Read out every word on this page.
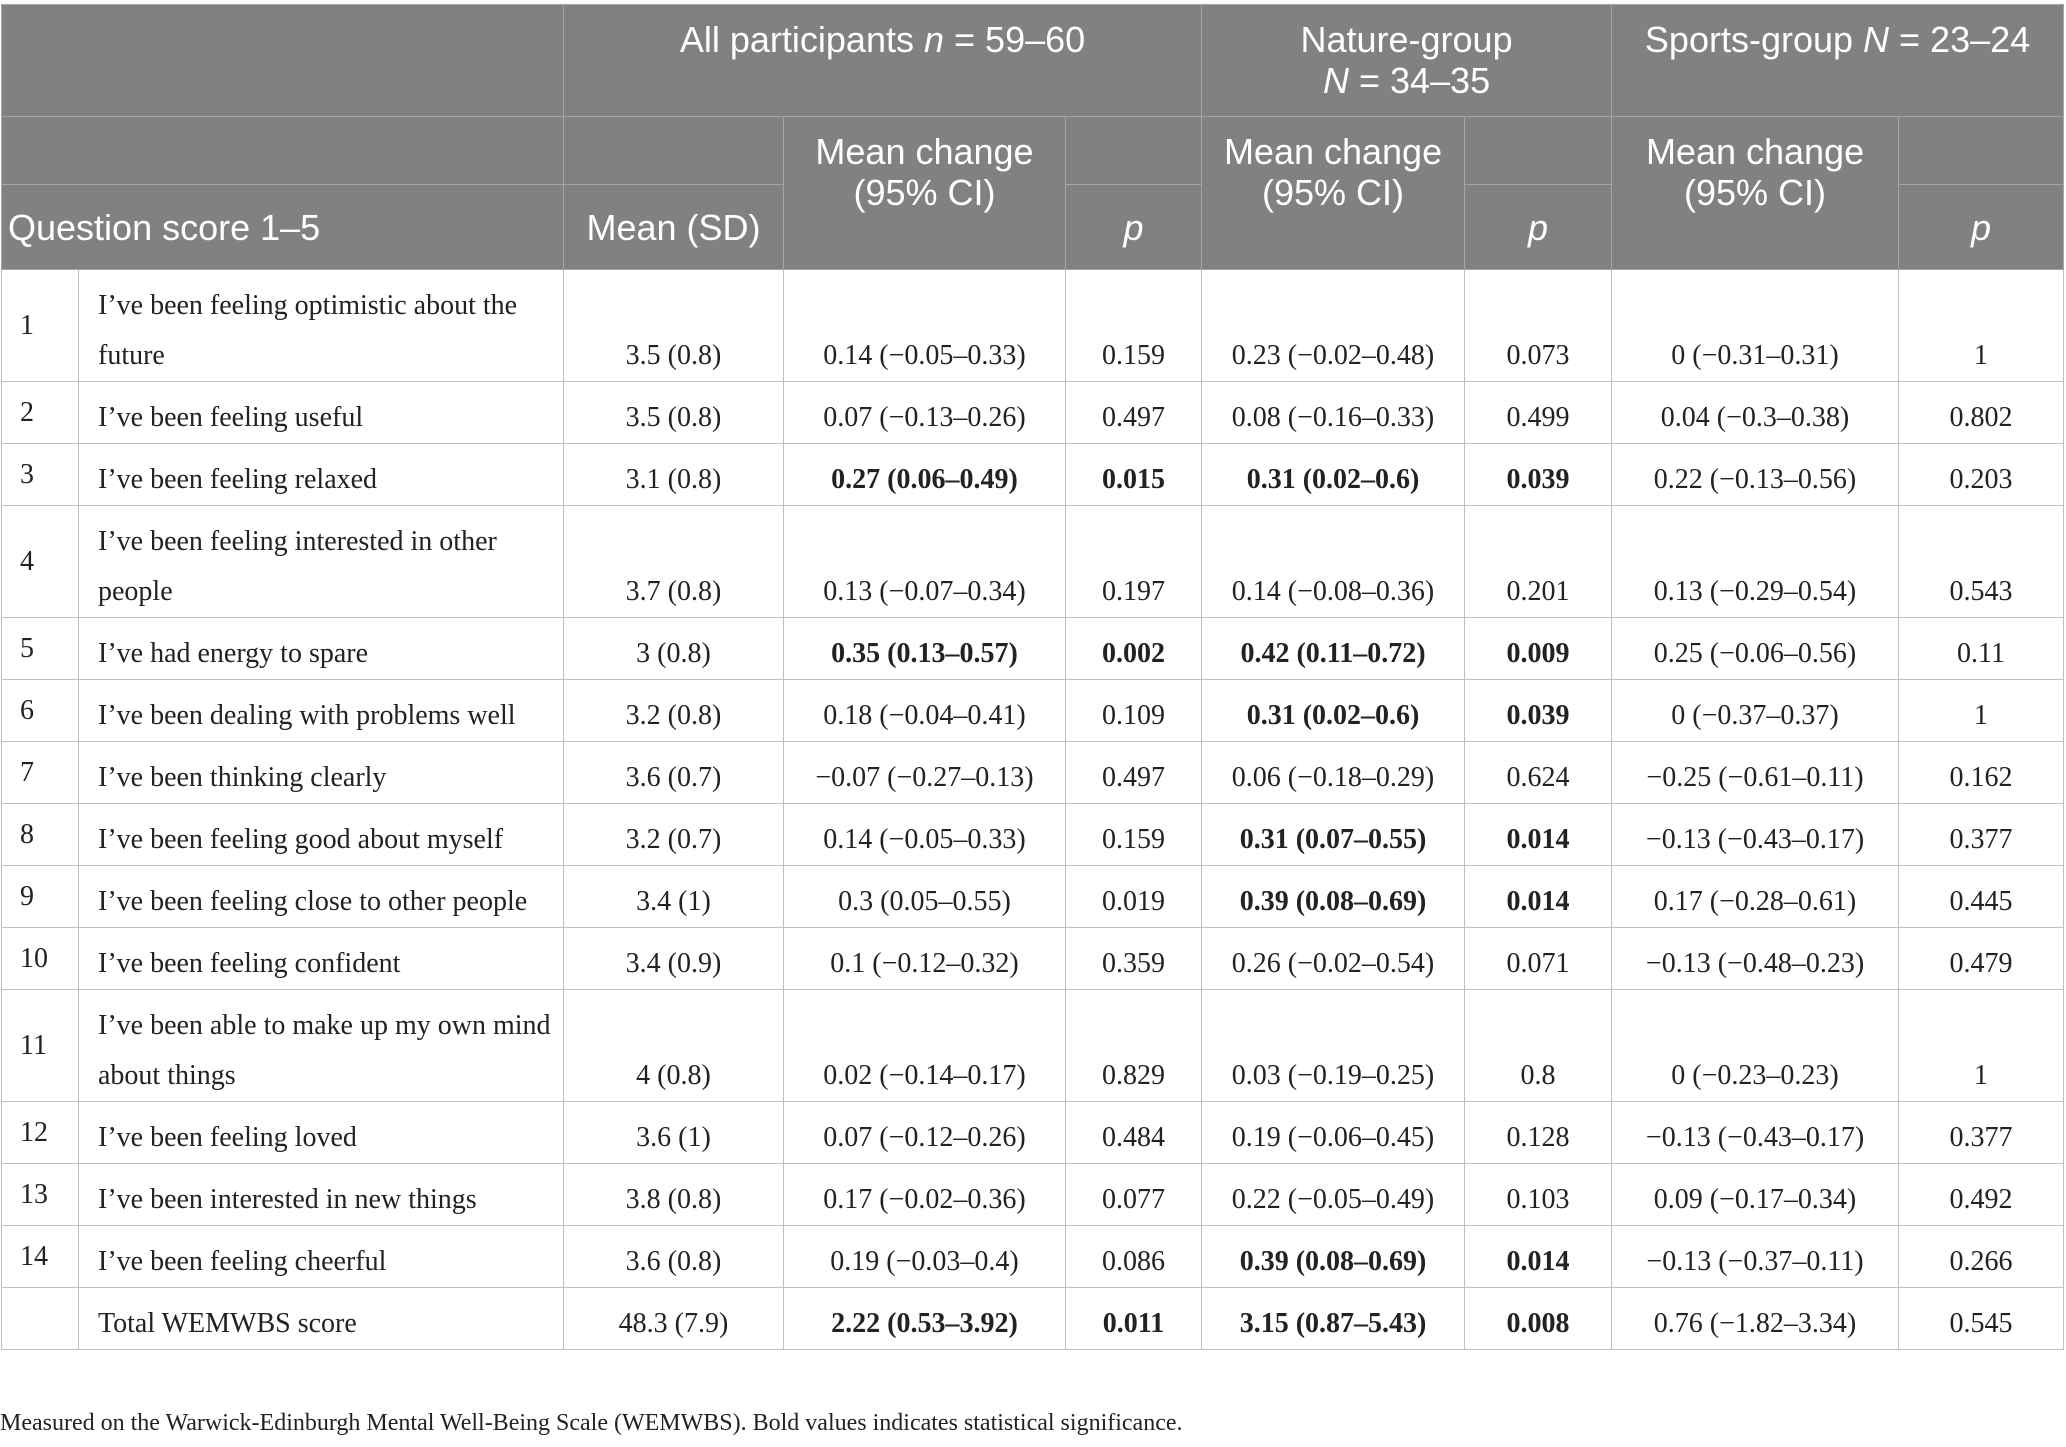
		All participants n = 59–60			Nature-group
N = 34–35		Sports-group N = 23–24	
			Mean change (95% CI)		Mean change (95% CI)		Mean change (95% CI)	
Question score 1–5		Mean (SD)		p		p		p
1	I’ve been feeling optimistic about the future	3.5 (0.8)	0.14 (−0.05–0.33)	0.159	0.23 (−0.02–0.48)	0.073	0 (−0.31–0.31)	1
2	I’ve been feeling useful	3.5 (0.8)	0.07 (−0.13–0.26)	0.497	0.08 (−0.16–0.33)	0.499	0.04 (−0.3–0.38)	0.802
3	I’ve been feeling relaxed	3.1 (0.8)	0.27 (0.06–0.49)	0.015	0.31 (0.02–0.6)	0.039	0.22 (−0.13–0.56)	0.203
4	I’ve been feeling interested in other people	3.7 (0.8)	0.13 (−0.07–0.34)	0.197	0.14 (−0.08–0.36)	0.201	0.13 (−0.29–0.54)	0.543
5	I’ve had energy to spare	3 (0.8)	0.35 (0.13–0.57)	0.002	0.42 (0.11–0.72)	0.009	0.25 (−0.06–0.56)	0.11
6	I’ve been dealing with problems well	3.2 (0.8)	0.18 (−0.04–0.41)	0.109	0.31 (0.02–0.6)	0.039	0 (−0.37–0.37)	1
7	I’ve been thinking clearly	3.6 (0.7)	−0.07 (−0.27–0.13)	0.497	0.06 (−0.18–0.29)	0.624	−0.25 (−0.61–0.11)	0.162
8	I’ve been feeling good about myself	3.2 (0.7)	0.14 (−0.05–0.33)	0.159	0.31 (0.07–0.55)	0.014	−0.13 (−0.43–0.17)	0.377
9	I’ve been feeling close to other people	3.4 (1)	0.3 (0.05–0.55)	0.019	0.39 (0.08–0.69)	0.014	0.17 (−0.28–0.61)	0.445
10	I’ve been feeling confident	3.4 (0.9)	0.1 (−0.12–0.32)	0.359	0.26 (−0.02–0.54)	0.071	−0.13 (−0.48–0.23)	0.479
11	I’ve been able to make up my own mind about things	4 (0.8)	0.02 (−0.14–0.17)	0.829	0.03 (−0.19–0.25)	0.8	0 (−0.23–0.23)	1
12	I’ve been feeling loved	3.6 (1)	0.07 (−0.12–0.26)	0.484	0.19 (−0.06–0.45)	0.128	−0.13 (−0.43–0.17)	0.377
13	I’ve been interested in new things	3.8 (0.8)	0.17 (−0.02–0.36)	0.077	0.22 (−0.05–0.49)	0.103	0.09 (−0.17–0.34)	0.492
14	I’ve been feeling cheerful	3.6 (0.8)	0.19 (−0.03–0.4)	0.086	0.39 (0.08–0.69)	0.014	−0.13 (−0.37–0.11)	0.266
	Total WEMWBS score	48.3 (7.9)	2.22 (0.53–3.92)	0.011	3.15 (0.87–5.43)	0.008	0.76 (−1.82–3.34)	0.545

Measured on the Warwick-Edinburgh Mental Well-Being Scale (WEMWBS). Bold values indicates statistical significance.
